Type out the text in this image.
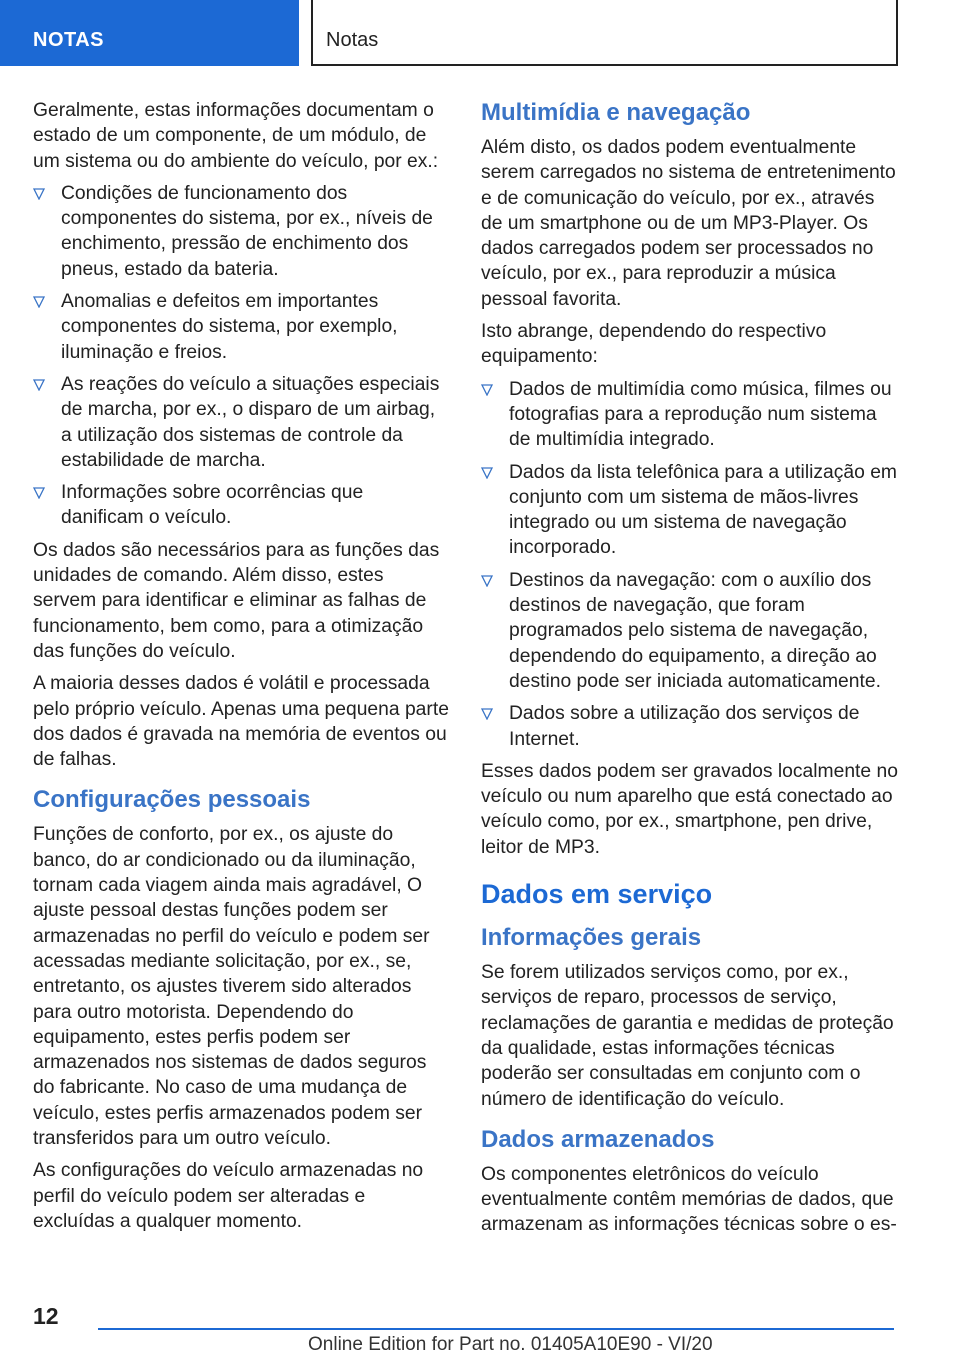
NOTAS	Notas

Geralmente, estas informações documentam o estado de um componente, de um módulo, de um sistema ou do ambiente do veículo, por ex.:

Condições de funcionamento dos componentes do sistema, por ex., níveis de enchimento, pressão de enchimento dos pneus, estado da bateria.
Anomalias e defeitos em importantes componentes do sistema, por exemplo, iluminação e freios.
As reações do veículo a situações especiais de marcha, por ex., o disparo de um airbag, a utilização dos sistemas de controle da estabilidade de marcha.
Informações sobre ocorrências que danificam o veículo.

Os dados são necessários para as funções das unidades de comando. Além disso, estes servem para identificar e eliminar as falhas de funcionamento, bem como, para a otimização das funções do veículo.

A maioria desses dados é volátil e processada pelo próprio veículo. Apenas uma pequena parte dos dados é gravada na memória de eventos ou de falhas.

Configurações pessoais

Funções de conforto, por ex., os ajuste do banco, do ar condicionado ou da iluminação, tornam cada viagem ainda mais agradável, O ajuste pessoal destas funções podem ser armazenadas no perfil do veículo e podem ser acessadas mediante solicitação, por ex., se, entretanto, os ajustes tiverem sido alterados para outro motorista. Dependendo do equipamento, estes perfis podem ser armazenados nos sistemas de dados seguros do fabricante. No caso de uma mudança de veículo, estes perfis armazenados podem ser transferidos para um outro veículo.

As configurações do veículo armazenadas no perfil do veículo podem ser alteradas e excluídas a qualquer momento.

Multimídia e navegação

Além disto, os dados podem eventualmente serem carregados no sistema de entretenimento e de comunicação do veículo, por ex., através de um smartphone ou de um MP3-Player. Os dados carregados podem ser processados no veículo, por ex., para reproduzir a música pessoal favorita.

Isto abrange, dependendo do respectivo equipamento:

Dados de multimídia como música, filmes ou fotografias para a reprodução num sistema de multimídia integrado.
Dados da lista telefônica para a utilização em conjunto com um sistema de mãos-livres integrado ou um sistema de navegação incorporado.
Destinos da navegação: com o auxílio dos destinos de navegação, que foram programados pelo sistema de navegação, dependendo do equipamento, a direção ao destino pode ser iniciada automaticamente.
Dados sobre a utilização dos serviços de Internet.

Esses dados podem ser gravados localmente no veículo ou num aparelho que está conectado ao veículo como, por ex., smartphone, pen drive, leitor de MP3.

Dados em serviço
Informações gerais

Se forem utilizados serviços como, por ex., serviços de reparo, processos de serviço, reclamações de garantia e medidas de proteção da qualidade, estas informações técnicas poderão ser consultadas em conjunto com o número de identificação do veículo.

Dados armazenados

Os componentes eletrônicos do veículo eventualmente contêm memórias de dados, que armazenam as informações técnicas sobre o es-

12
Online Edition for Part no. 01405A10E90 - VI/20
